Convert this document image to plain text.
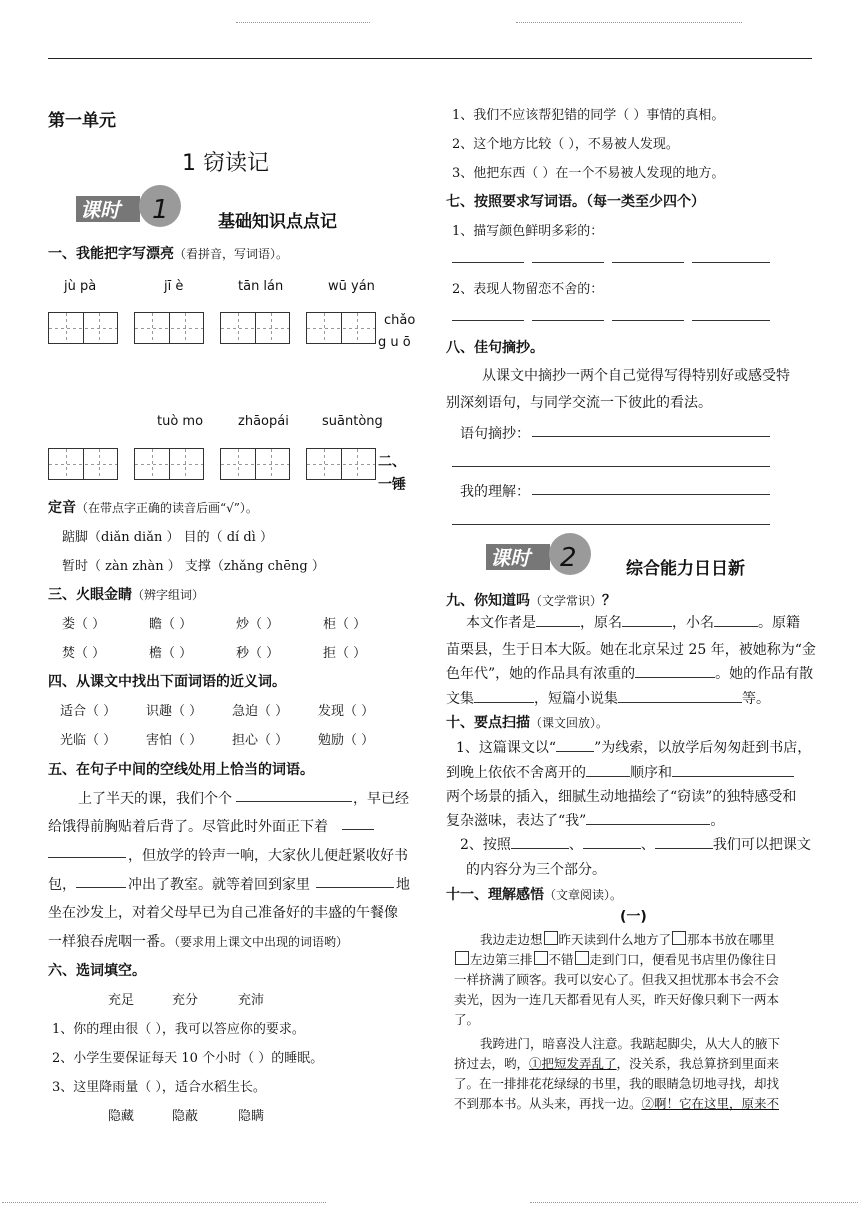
第一单元
1 窃读记
课时 1	基础知识点点记
一、我能把字写漂亮（看拼音，写词语）。
jù pà	jī è	tān lán	wū yán
chǎo
g u ō
tuò mo	zhāopái	suāntòng
二、
一锤
定音（在带点字正确的读音后画“√”）。
踮脚（diǎn diǎn ） 目的（ dí dì ）
暂时（ zàn zhàn ） 支撑（zhǎng chēng ）
三、火眼金睛（辨字组词）
娄（ ）	瞻（ ）	炒（ ）	柜（ ）
焚（ ）	檐（ ）	秒（ ）	拒（ ）
四、从课文中找出下面词语的近义词。
适合（ ） 识趣（ ） 急迫（ ） 发现（ ）
光临（ ） 害怕（ ） 担心（ ） 勉励（ ）
五、在句子中间的空线处用上恰当的词语。
上了半天的课，我们个个	，早已经
给饿得前胸贴着后背了。尽管此时外面正下着
，但放学的铃声一响，大家伙儿便赶紧收好书
包，	冲出了教室。就等着回到家里	地
坐在沙发上，对着父母早已为自己准备好的丰盛的午餐像
一样狼吞虎咽一番。（要求用上课文中出现的词语哟）
六、选词填空。
充足	充分	充沛
1、你的理由很（ ），我可以答应你的要求。
2、小学生要保证每天 10 个小时（ ）的睡眠。
3、这里降雨量（ ），适合水稻生长。
隐藏	隐蔽	隐瞒
1、我们不应该帮犯错的同学（ ）事情的真相。
2、这个地方比较（ ），不易被人发现。
3、他把东西（ ）在一个不易被人发现的地方。
七、按照要求写词语。（每一类至少四个）
1、描写颜色鲜明多彩的：
2、表现人物留恋不舍的：
八、佳句摘抄。
从课文中摘抄一两个自己觉得写得特别好或感受特
别深刻语句，与同学交流一下彼此的看法。
语句摘抄：
我的理解：
课时 2	综合能力日日新
九、你知道吗（文学常识）？
本文作者是	，原名	，小名	。原籍
苗栗县，生于日本大阪。她在北京呆过 25 年，被她称为“金
色年代”，她的作品具有浓重的	。她的作品有散
文集	，短篇小说集	等。
十、要点扫描（课文回放）。
1、这篇课文以“	”为线索，以放学后匆匆赶到书店，
到晚上依依不舍离开的	顺序和
两个场景的插入，细腻生动地描绘了“窃读”的独特感受和
复杂滋味，表达了“我”	。
2、按照	、	、	我们可以把课文
的内容分为三个部分。
十一、理解感悟（文章阅读）。
(一)
我边走边想 昨天读到什么地方了 那本书放在哪里
左边第三排 不错 走到门口，便看见书店里仍像往日
一样挤满了顾客。我可以安心了。但我又担忧那本书会不会
卖光，因为一连几天都看见有人买，昨天好像只剩下一两本
了。
我跨进门，暗喜没人注意。我踮起脚尖，从大人的腋下
挤过去，哟，①把短发弄乱了，没关系，我总算挤到里面来
了。在一排排花花绿绿的书里，我的眼睛急切地寻找，却找
不到那本书。从头来，再找一边。②啊！它在这里，原来不
